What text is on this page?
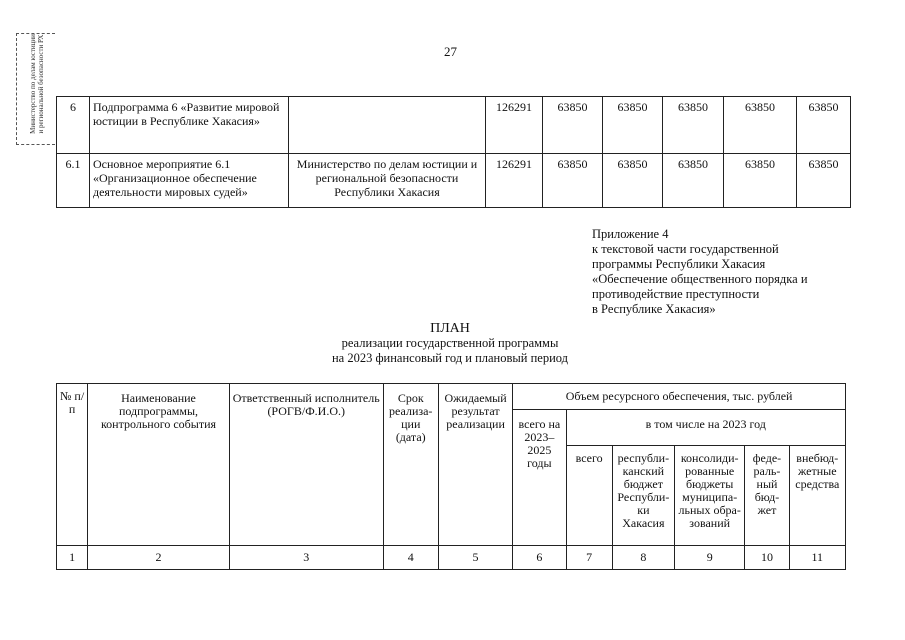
Министерство по делам юстиции и региональной безопасности РХ	27
6	Подпрограмма 6 «Развитие мировой юстиции в Республике Хакасия»		126291	63850	63850	63850	63850	63850
6.1	Основное мероприятие 6.1 «Организационное обеспечение деятельности мировых судей»	Министерство по делам юстиции и региональной безопасности Республики Хакасия	126291	63850	63850	63850	63850	63850
Приложение 4
к текстовой части государственной
программы Республики Хакасия
«Обеспечение общественного порядка и
противодействие преступности
в Республике Хакасия»
ПЛАН
реализации государственной программы
на 2023 финансовый год и плановый период
№ п/п	Наименование подпрограммы, контрольного события	Ответственный исполнитель (РОГВ/Ф.И.О.)	Срок реализа-ции (дата)	Ожидаемый результат реализации	Объем ресурсного обеспечения, тыс. рублей					
					всего на 2023–2025 годы	в том числе на 2023 год				
						всего	республи-канский бюджет Республи-ки Хакасия	консолиди-рованные бюджеты муниципа-льных обра-зований	феде-раль-ный бюд-жет	внебюд-жетные средства
1	2	3	4	5	6	7	8	9	10	11
